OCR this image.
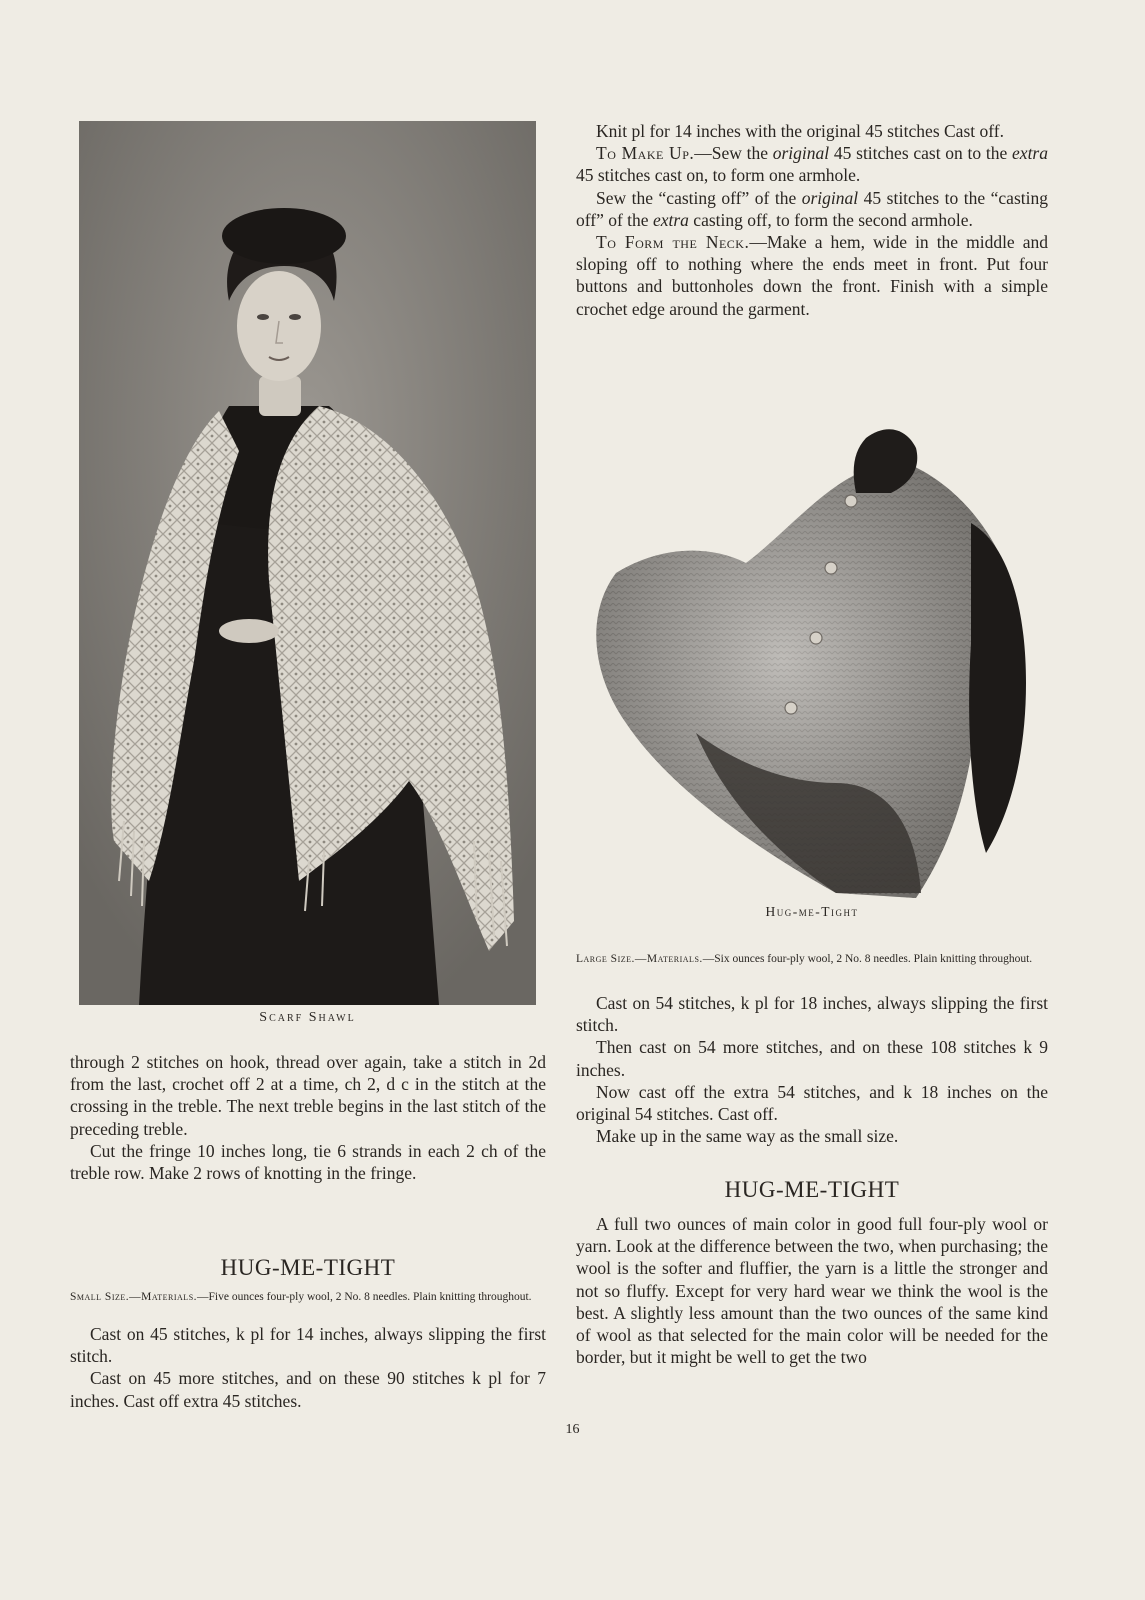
Scarf Shawl

through 2 stitches on hook, thread over again, take a stitch in 2d from the last, crochet off 2 at a time, ch 2, d c in the stitch at the crossing in the treble. The next treble begins in the last stitch of the preceding treble.

Cut the fringe 10 inches long, tie 6 strands in each 2 ch of the treble row. Make 2 rows of knotting in the fringe.

HUG-ME-TIGHT
Small Size.—Materials.—Five ounces four-ply wool, 2 No. 8 needles. Plain knitting throughout.

Cast on 45 stitches, k pl for 14 inches, always slipping the first stitch.

Cast on 45 more stitches, and on these 90 stitches k pl for 7 inches. Cast off extra 45 stitches.

Knit pl for 14 inches with the original 45 stitches Cast off.

To Make Up.—Sew the original 45 stitches cast on to the extra 45 stitches cast on, to form one armhole.

Sew the “casting off” of the original 45 stitches to the “casting off” of the extra casting off, to form the second armhole.

To Form the Neck.—Make a hem, wide in the middle and sloping off to nothing where the ends meet in front. Put four buttons and buttonholes down the front. Finish with a simple crochet edge around the garment.

Hug-me-Tight
Large Size.—Materials.—Six ounces four-ply wool, 2 No. 8 needles. Plain knitting throughout.

Cast on 54 stitches, k pl for 18 inches, always slipping the first stitch.

Then cast on 54 more stitches, and on these 108 stitches k 9 inches.

Now cast off the extra 54 stitches, and k 18 inches on the original 54 stitches. Cast off.

Make up in the same way as the small size.

HUG-ME-TIGHT

A full two ounces of main color in good full four-ply wool or yarn. Look at the difference between the two, when purchasing; the wool is the softer and fluffier, the yarn is a little the stronger and not so fluffy. Except for very hard wear we think the wool is the best. A slightly less amount than the two ounces of the same kind of wool as that selected for the main color will be needed for the border, but it might be well to get the two

16
